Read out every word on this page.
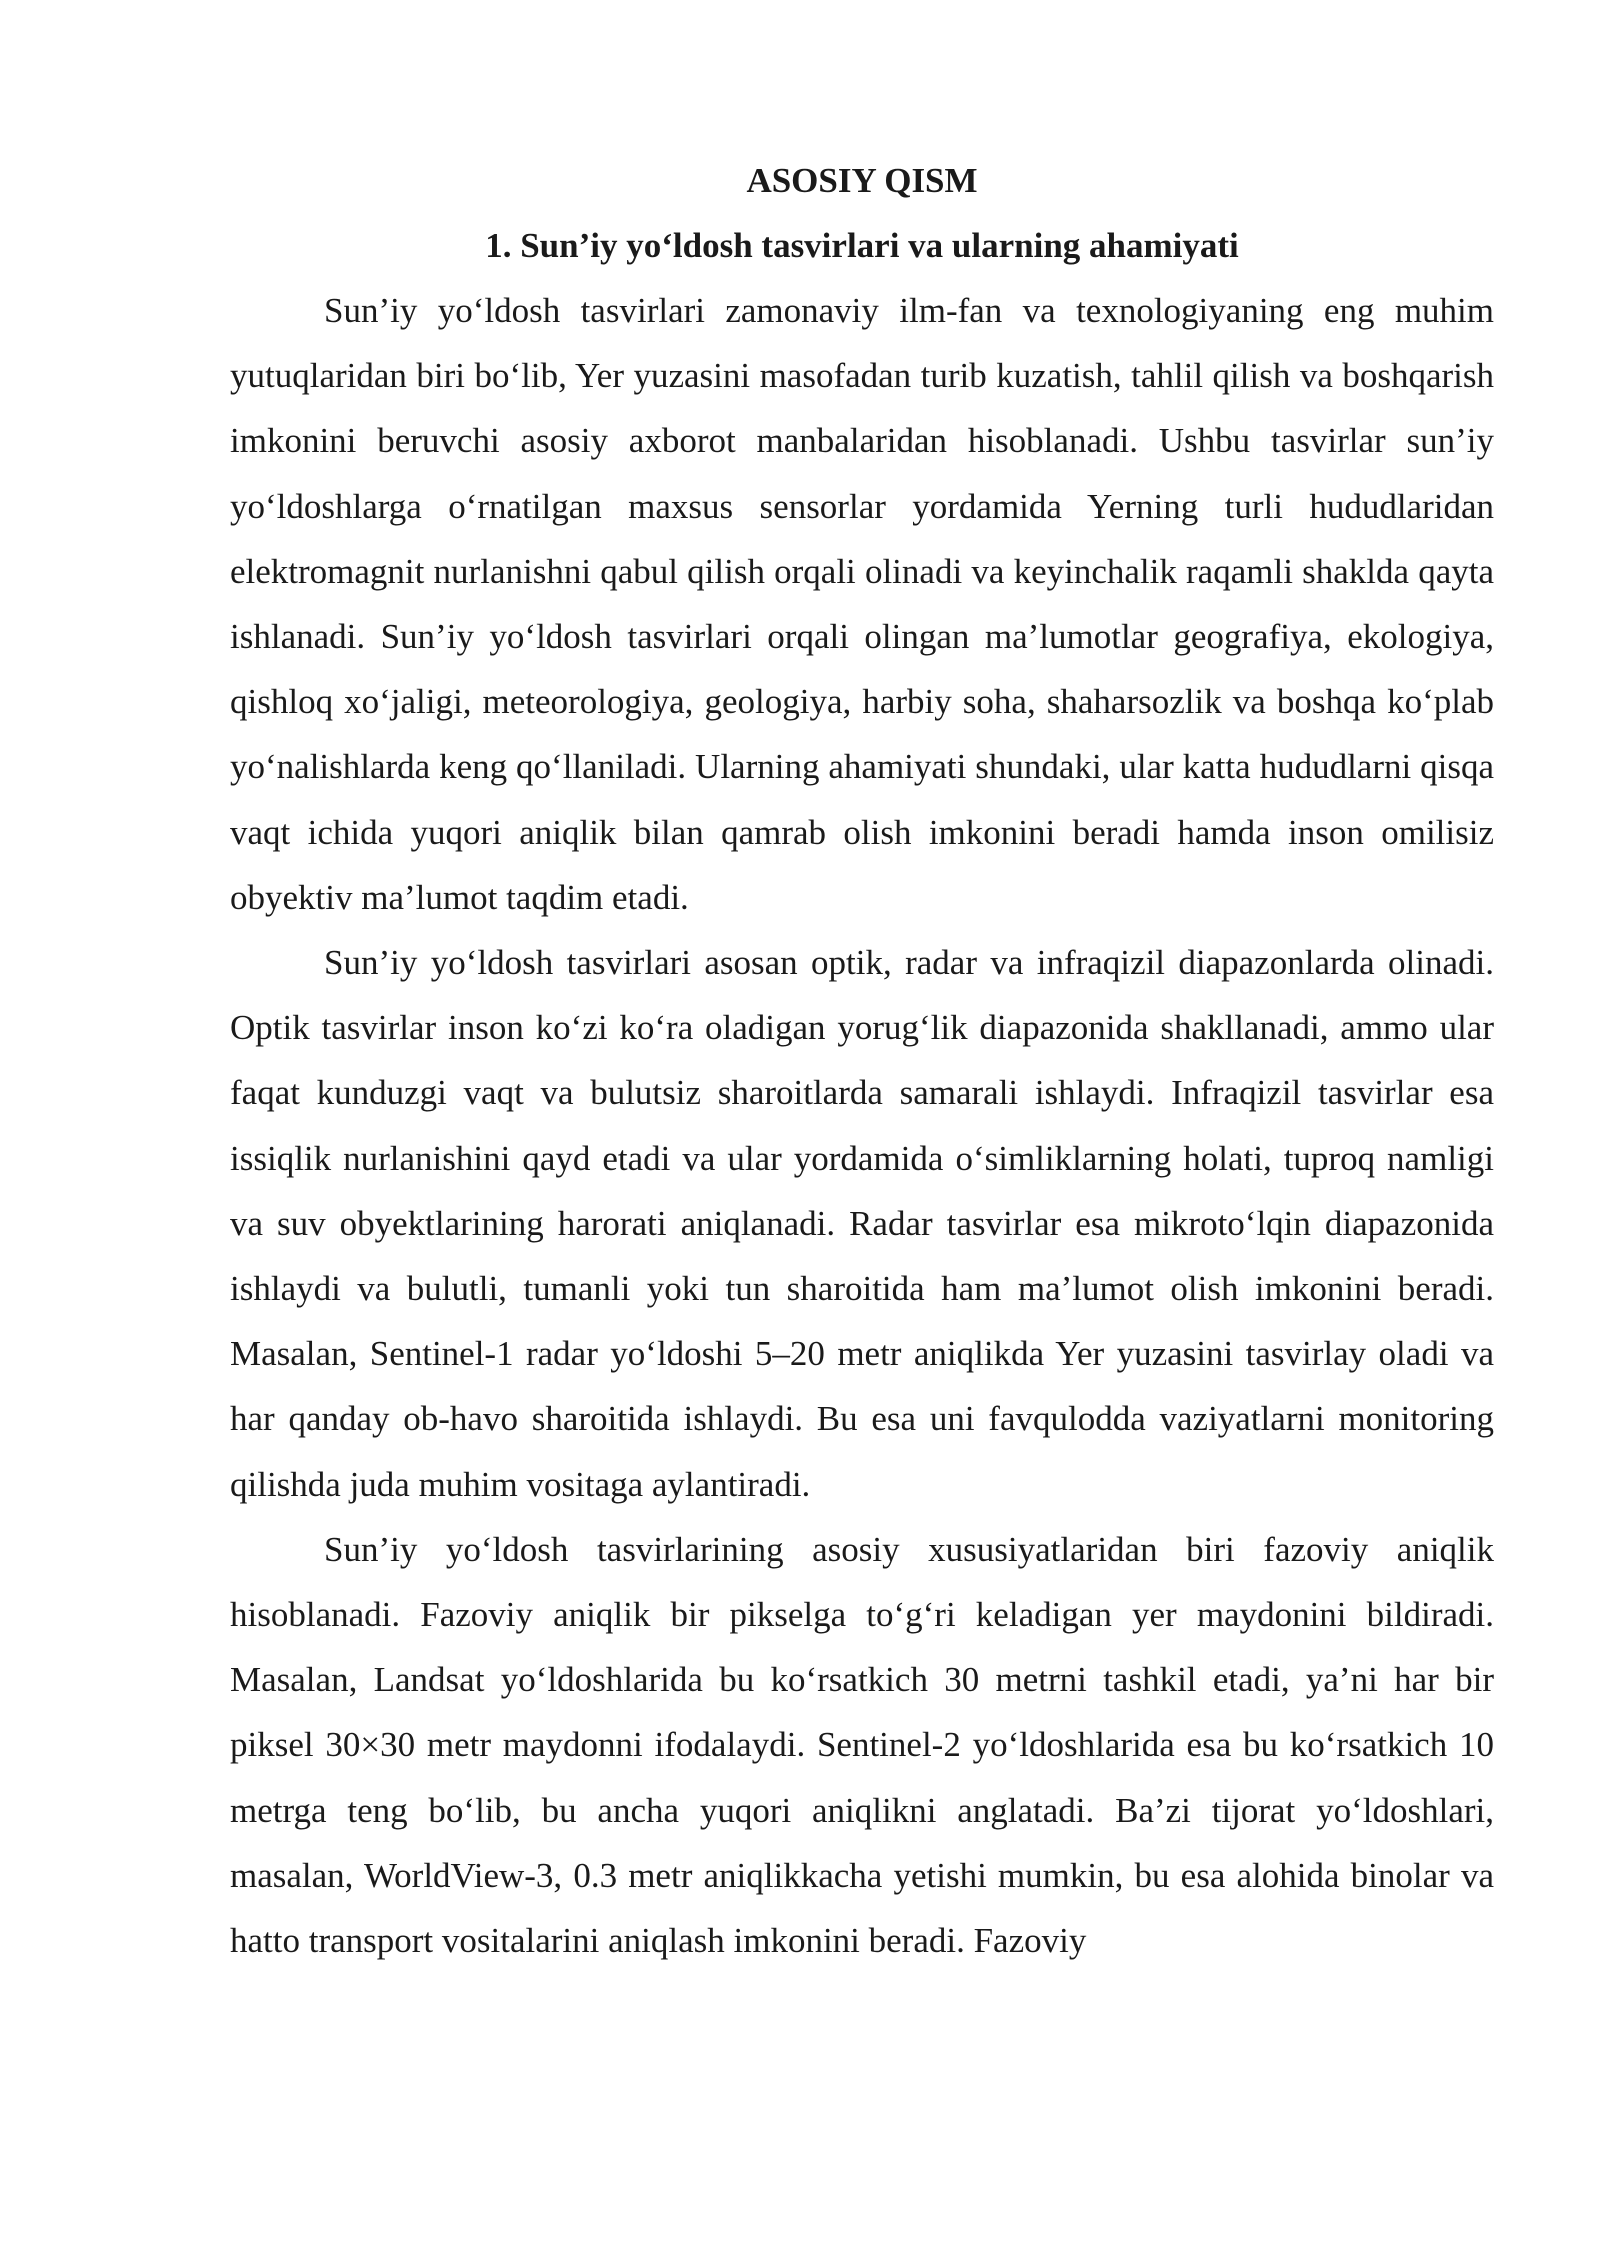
ASOSIY QISM
1. Sun’iy yo‘ldosh tasvirlari va ularning ahamiyati

Sun’iy yo‘ldosh tasvirlari zamonaviy ilm-fan va texnologiyaning eng muhim yutuqlaridan biri bo‘lib, Yer yuzasini masofadan turib kuzatish, tahlil qilish va boshqarish imkonini beruvchi asosiy axborot manbalaridan hisoblanadi. Ushbu tasvirlar sun’iy yo‘ldoshlarga o‘rnatilgan maxsus sensorlar yordamida Yerning turli hududlaridan elektromagnit nurlanishni qabul qilish orqali olinadi va keyinchalik raqamli shaklda qayta ishlanadi. Sun’iy yo‘ldosh tasvirlari orqali olingan ma’lumotlar geografiya, ekologiya, qishloq xo‘jaligi, meteorologiya, geologiya, harbiy soha, shaharsozlik va boshqa ko‘plab yo‘nalishlarda keng qo‘llaniladi. Ularning ahamiyati shundaki, ular katta hududlarni qisqa vaqt ichida yuqori aniqlik bilan qamrab olish imkonini beradi hamda inson omilisiz obyektiv ma’lumot taqdim etadi.

Sun’iy yo‘ldosh tasvirlari asosan optik, radar va infraqizil diapazonlarda olinadi. Optik tasvirlar inson ko‘zi ko‘ra oladigan yorug‘lik diapazonida shakllanadi, ammo ular faqat kunduzgi vaqt va bulutsiz sharoitlarda samarali ishlaydi. Infraqizil tasvirlar esa issiqlik nurlanishini qayd etadi va ular yordamida o‘simliklarning holati, tuproq namligi va suv obyektlarining harorati aniqlanadi. Radar tasvirlar esa mikroto‘lqin diapazonida ishlaydi va bulutli, tumanli yoki tun sharoitida ham ma’lumot olish imkonini beradi. Masalan, Sentinel-1 radar yo‘ldoshi 5–20 metr aniqlikda Yer yuzasini tasvirlay oladi va har qanday ob-havo sharoitida ishlaydi. Bu esa uni favqulodda vaziyatlarni monitoring qilishda juda muhim vositaga aylantiradi.

Sun’iy yo‘ldosh tasvirlarining asosiy xususiyatlaridan biri fazoviy aniqlik hisoblanadi. Fazoviy aniqlik bir pikselga to‘g‘ri keladigan yer maydonini bildiradi. Masalan, Landsat yo‘ldoshlarida bu ko‘rsatkich 30 metrni tashkil etadi, ya’ni har bir piksel 30×30 metr maydonni ifodalaydi. Sentinel-2 yo‘ldoshlarida esa bu ko‘rsatkich 10 metrga teng bo‘lib, bu ancha yuqori aniqlikni anglatadi. Ba’zi tijorat yo‘ldoshlari, masalan, WorldView-3, 0.3 metr aniqlikkacha yetishi mumkin, bu esa alohida binolar va hatto transport vositalarini aniqlash imkonini beradi. Fazoviy
